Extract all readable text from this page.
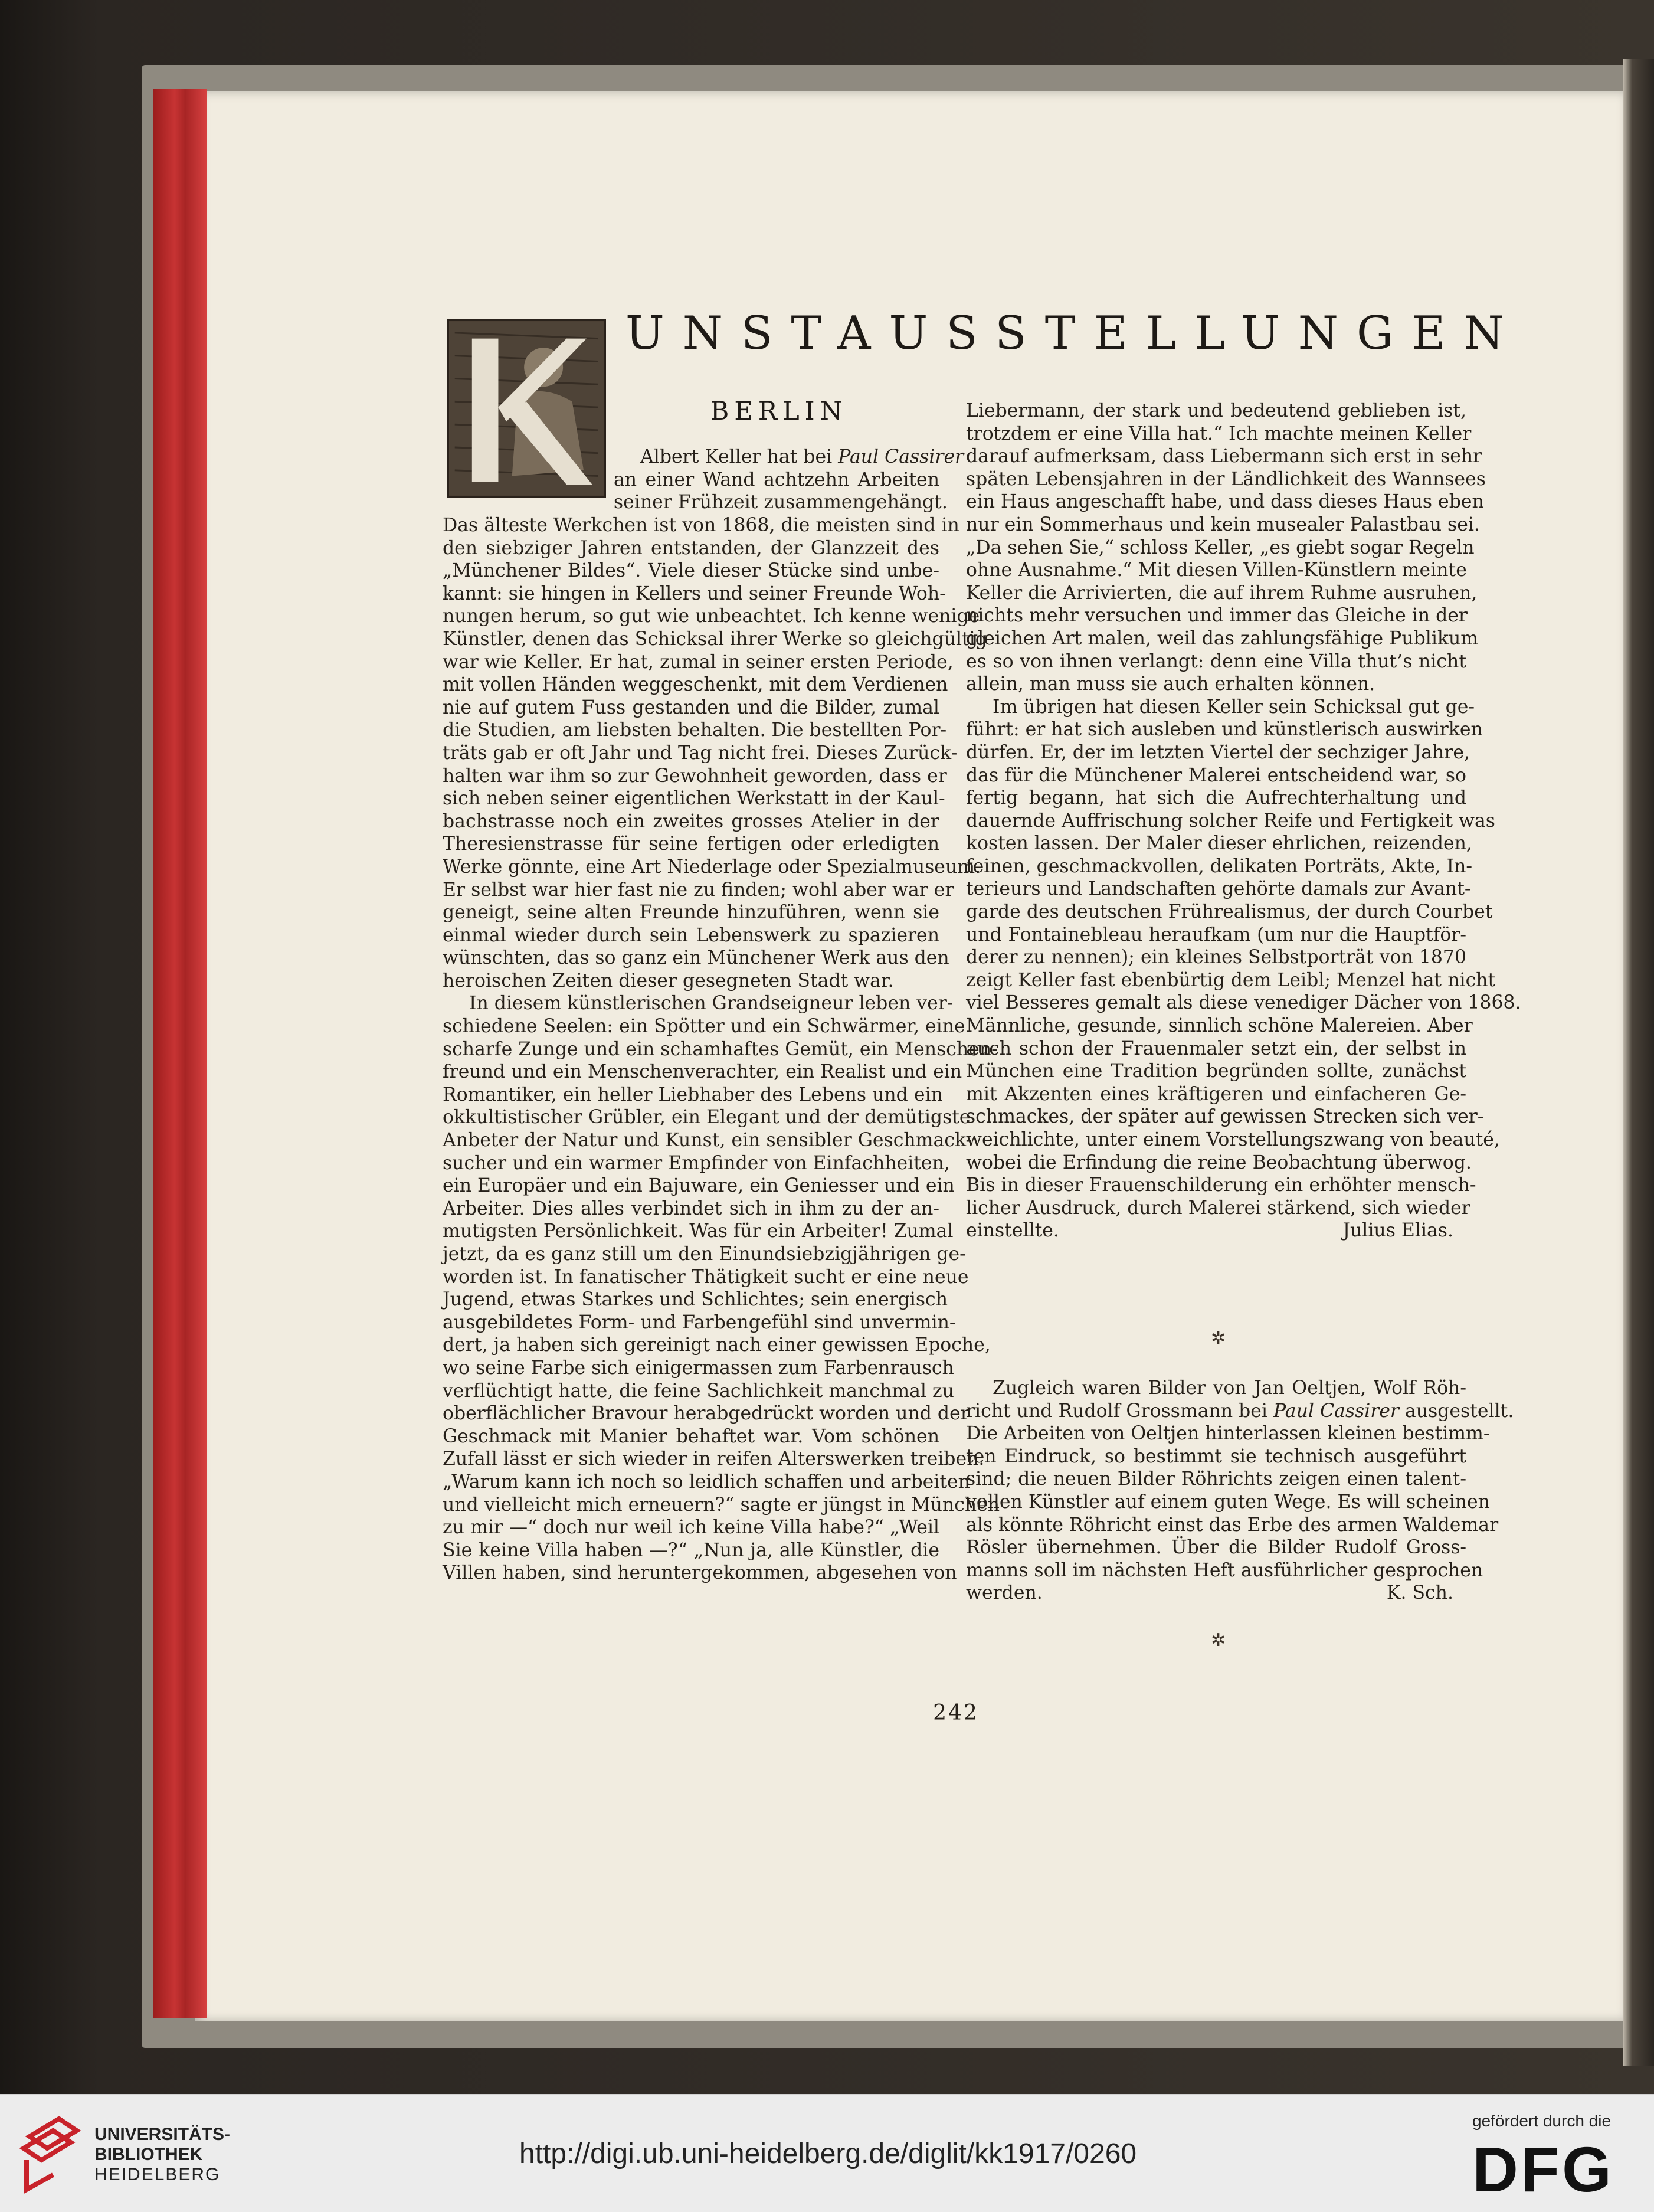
UNSTAUSSTELLUNGEN
BERLIN
Albert Keller hat bei Paul Cassirer
an einer Wand achtzehn Arbeiten
seiner Frühzeit zusammengehängt.
Das älteste Werkchen ist von 1868, die meisten sind in
den siebziger Jahren entstanden, der Glanzzeit des
„Münchener Bildes“. Viele dieser Stücke sind unbe-
kannt: sie hingen in Kellers und seiner Freunde Woh-
nungen herum, so gut wie unbeachtet. Ich kenne wenige
Künstler, denen das Schicksal ihrer Werke so gleichgültig
war wie Keller. Er hat, zumal in seiner ersten Periode,
mit vollen Händen weggeschenkt, mit dem Verdienen
nie auf gutem Fuss gestanden und die Bilder, zumal
die Studien, am liebsten behalten. Die bestellten Por-
träts gab er oft Jahr und Tag nicht frei. Dieses Zurück-
halten war ihm so zur Gewohnheit geworden, dass er
sich neben seiner eigentlichen Werkstatt in der Kaul-
bachstrasse noch ein zweites grosses Atelier in der
Theresienstrasse für seine fertigen oder erledigten
Werke gönnte, eine Art Niederlage oder Spezialmuseum.
Er selbst war hier fast nie zu finden; wohl aber war er
geneigt, seine alten Freunde hinzuführen, wenn sie
einmal wieder durch sein Lebenswerk zu spazieren
wünschten, das so ganz ein Münchener Werk aus den
heroischen Zeiten dieser gesegneten Stadt war.
In diesem künstlerischen Grandseigneur leben ver-
schiedene Seelen: ein Spötter und ein Schwärmer, eine
scharfe Zunge und ein schamhaftes Gemüt, ein Menschen-
freund und ein Menschenverachter, ein Realist und ein
Romantiker, ein heller Liebhaber des Lebens und ein
okkultistischer Grübler, ein Elegant und der demütigste
Anbeter der Natur und Kunst, ein sensibler Geschmack-
sucher und ein warmer Empfinder von Einfachheiten,
ein Europäer und ein Bajuware, ein Geniesser und ein
Arbeiter. Dies alles verbindet sich in ihm zu der an-
mutigsten Persönlichkeit. Was für ein Arbeiter! Zumal
jetzt, da es ganz still um den Einundsiebzigjährigen ge-
worden ist. In fanatischer Thätigkeit sucht er eine neue
Jugend, etwas Starkes und Schlichtes; sein energisch
ausgebildetes Form- und Farbengefühl sind unvermin-
dert, ja haben sich gereinigt nach einer gewissen Epoche,
wo seine Farbe sich einigermassen zum Farbenrausch
verflüchtigt hatte, die feine Sachlichkeit manchmal zu
oberflächlicher Bravour herabgedrückt worden und der
Geschmack mit Manier behaftet war. Vom schönen
Zufall lässt er sich wieder in reifen Alterswerken treiben.
„Warum kann ich noch so leidlich schaffen und arbeiten
und vielleicht mich erneuern?“ sagte er jüngst in München
zu mir —“ doch nur weil ich keine Villa habe?“ „Weil
Sie keine Villa haben —?“ „Nun ja, alle Künstler, die
Villen haben, sind heruntergekommen, abgesehen von
Liebermann, der stark und bedeutend geblieben ist,
trotzdem er eine Villa hat.“ Ich machte meinen Keller
darauf aufmerksam, dass Liebermann sich erst in sehr
späten Lebensjahren in der Ländlichkeit des Wannsees
ein Haus angeschafft habe, und dass dieses Haus eben
nur ein Sommerhaus und kein musealer Palastbau sei.
„Da sehen Sie,“ schloss Keller, „es giebt sogar Regeln
ohne Ausnahme.“ Mit diesen Villen-Künstlern meinte
Keller die Arrivierten, die auf ihrem Ruhme ausruhen,
nichts mehr versuchen und immer das Gleiche in der
gleichen Art malen, weil das zahlungsfähige Publikum
es so von ihnen verlangt: denn eine Villa thut’s nicht
allein, man muss sie auch erhalten können.
Im übrigen hat diesen Keller sein Schicksal gut ge-
führt: er hat sich ausleben und künstlerisch auswirken
dürfen. Er, der im letzten Viertel der sechziger Jahre,
das für die Münchener Malerei entscheidend war, so
fertig begann, hat sich die Aufrechterhaltung und
dauernde Auffrischung solcher Reife und Fertigkeit was
kosten lassen. Der Maler dieser ehrlichen, reizenden,
feinen, geschmackvollen, delikaten Porträts, Akte, In-
terieurs und Landschaften gehörte damals zur Avant-
garde des deutschen Frührealismus, der durch Courbet
und Fontainebleau heraufkam (um nur die Hauptför-
derer zu nennen); ein kleines Selbstporträt von 1870
zeigt Keller fast ebenbürtig dem Leibl; Menzel hat nicht
viel Besseres gemalt als diese venediger Dächer von 1868.
Männliche, gesunde, sinnlich schöne Malereien. Aber
auch schon der Frauenmaler setzt ein, der selbst in
München eine Tradition begründen sollte, zunächst
mit Akzenten eines kräftigeren und einfacheren Ge-
schmackes, der später auf gewissen Strecken sich ver-
weichlichte, unter einem Vorstellungszwang von beauté,
wobei die Erfindung die reine Beobachtung überwog.
Bis in dieser Frauenschilderung ein erhöhter mensch-
licher Ausdruck, durch Malerei stärkend, sich wieder
einstellte.	Julius Elias.
✲
Zugleich waren Bilder von Jan Oeltjen, Wolf Röh-
richt und Rudolf Grossmann bei Paul Cassirer ausgestellt.
Die Arbeiten von Oeltjen hinterlassen kleinen bestimm-
ten Eindruck, so bestimmt sie technisch ausgeführt
sind; die neuen Bilder Röhrichts zeigen einen talent-
vollen Künstler auf einem guten Wege. Es will scheinen
als könnte Röhricht einst das Erbe des armen Waldemar
Rösler übernehmen. Über die Bilder Rudolf Gross-
manns soll im nächsten Heft ausführlicher gesprochen
werden.	K. Sch.
✲
242
UNIVERSITÄTS-
BIBLIOTHEK
HEIDELBERG
http://digi.ub.uni-heidelberg.de/diglit/kk1917/0260
gefördert durch die
DFG
